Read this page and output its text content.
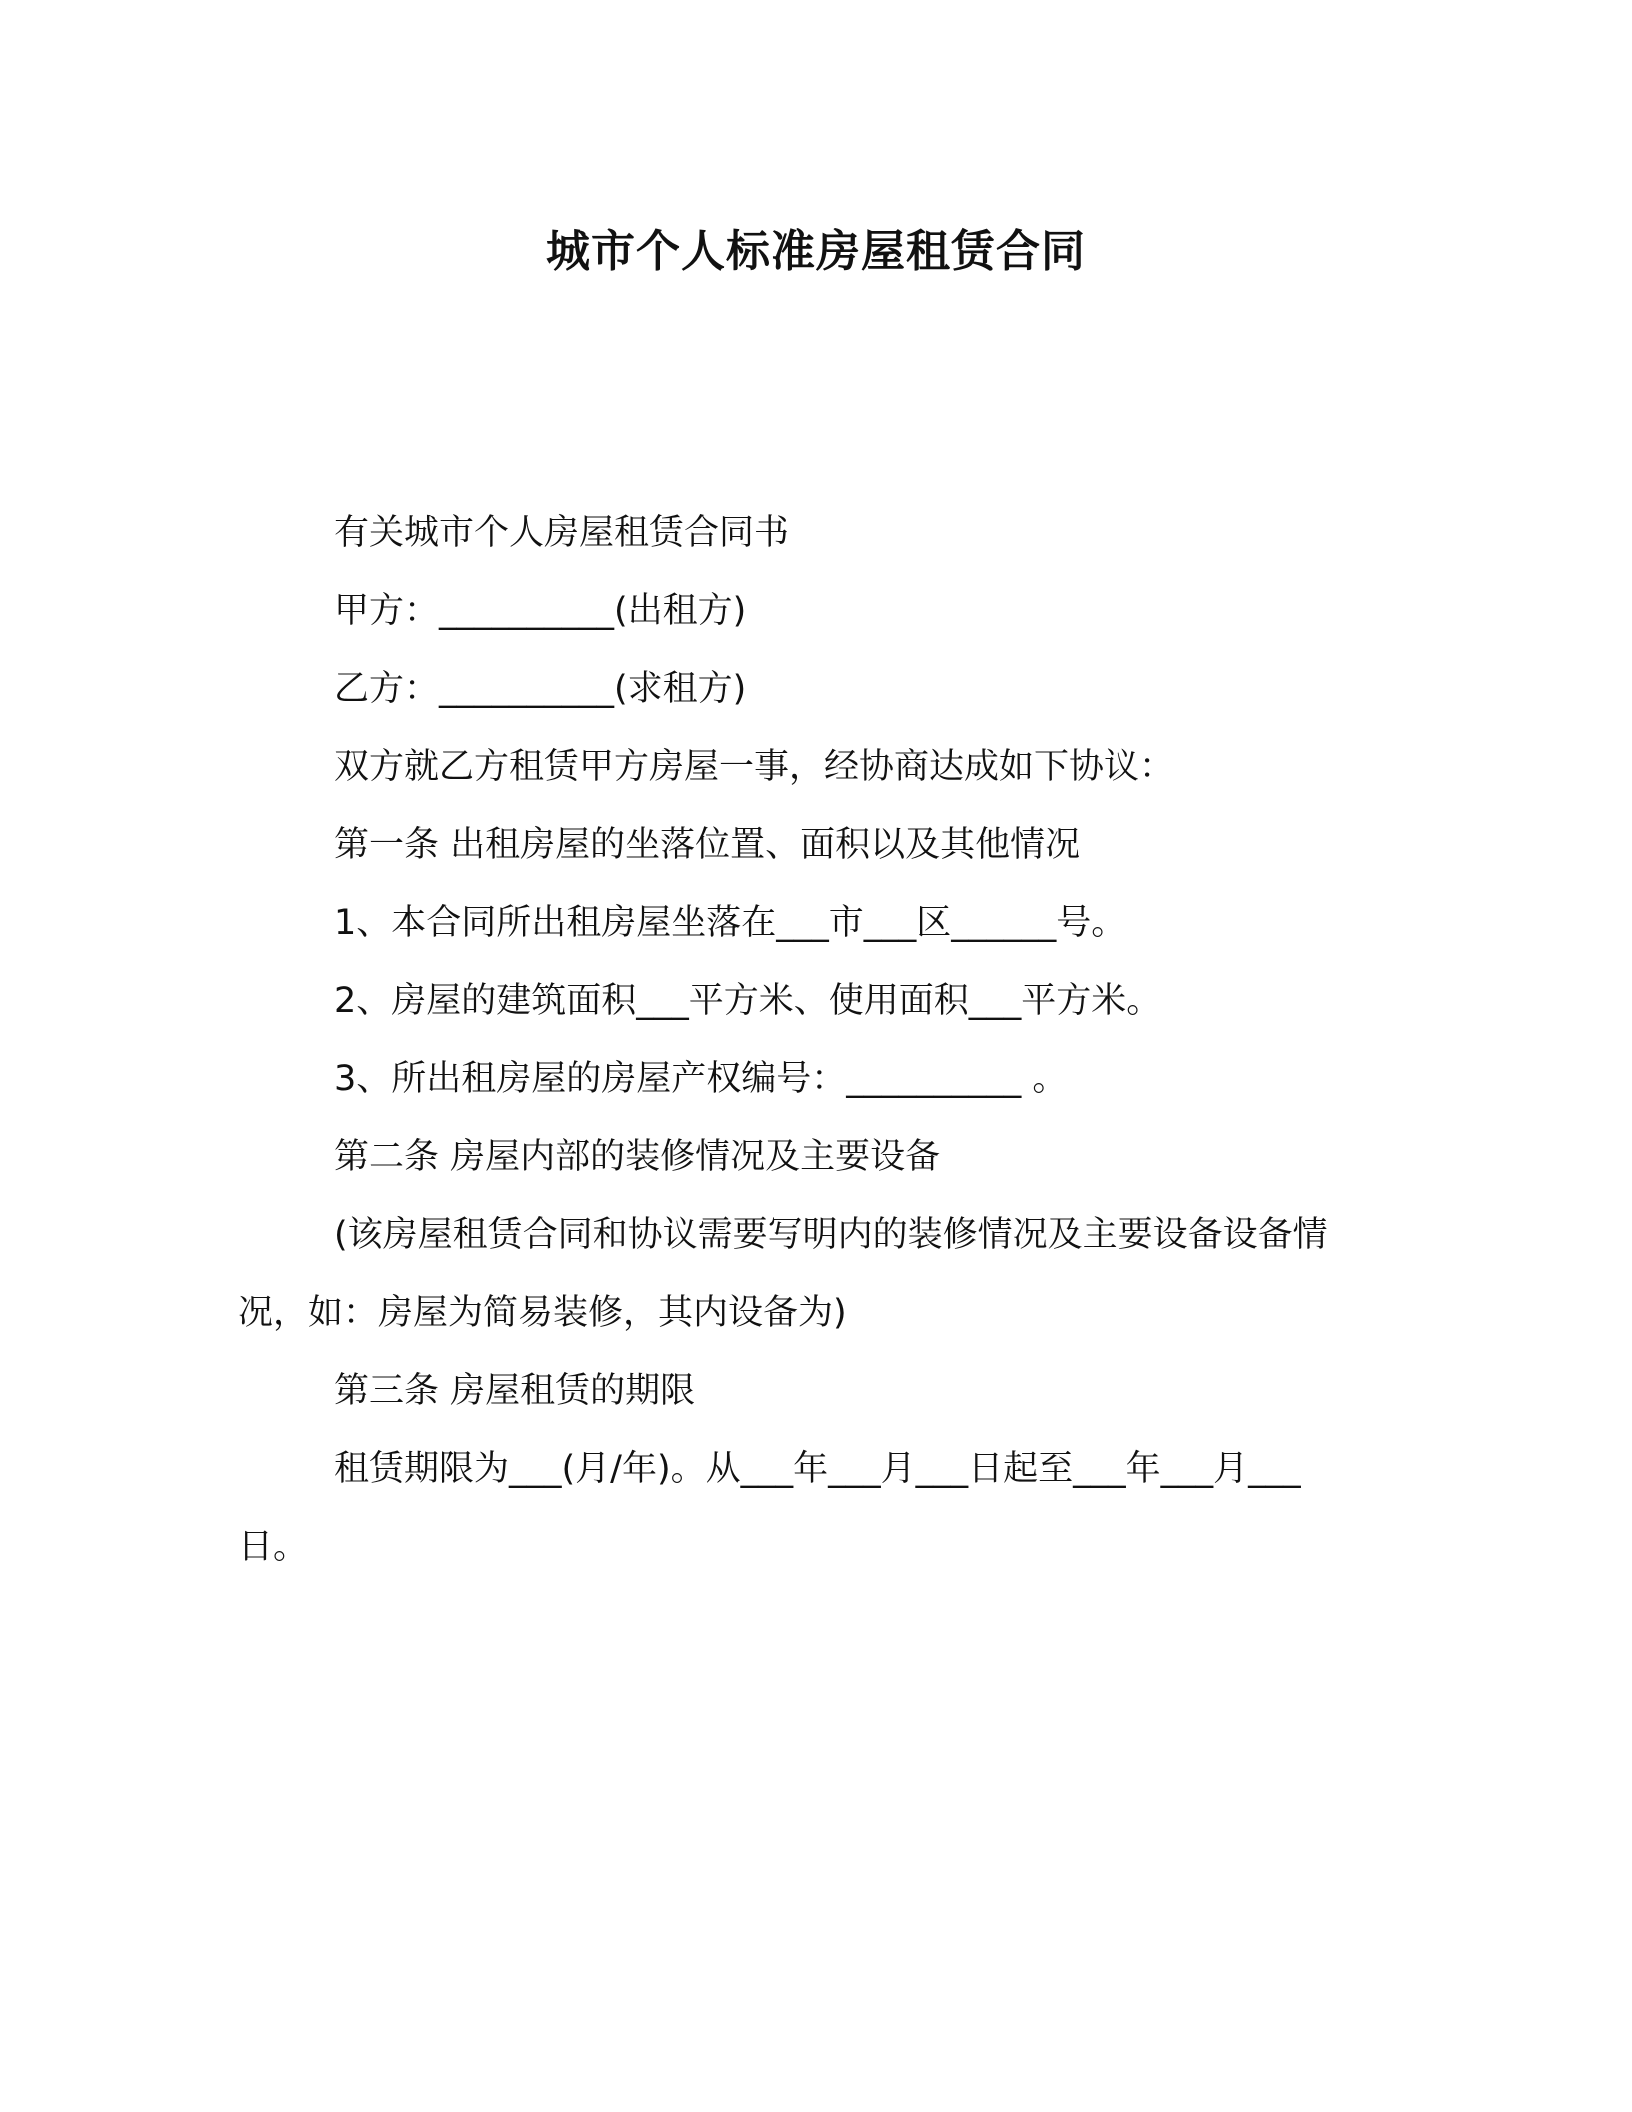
城市个人标准房屋租赁合同

有关城市个人房屋租赁合同书

甲方：__________(出租方)

乙方：__________(求租方)

双方就乙方租赁甲方房屋一事，经协商达成如下协议：

第一条 出租房屋的坐落位置、面积以及其他情况

1、本合同所出租房屋坐落在___市___区______号。

2、房屋的建筑面积___平方米、使用面积___平方米。

3、所出租房屋的房屋产权编号：__________ 。

第二条 房屋内部的装修情况及主要设备

(该房屋租赁合同和协议需要写明内的装修情况及主要设备设备情况，如：房屋为简易装修，其内设备为)

第三条 房屋租赁的期限

租赁期限为___(月/年)。从___年___月___日起至___年___月___日。
